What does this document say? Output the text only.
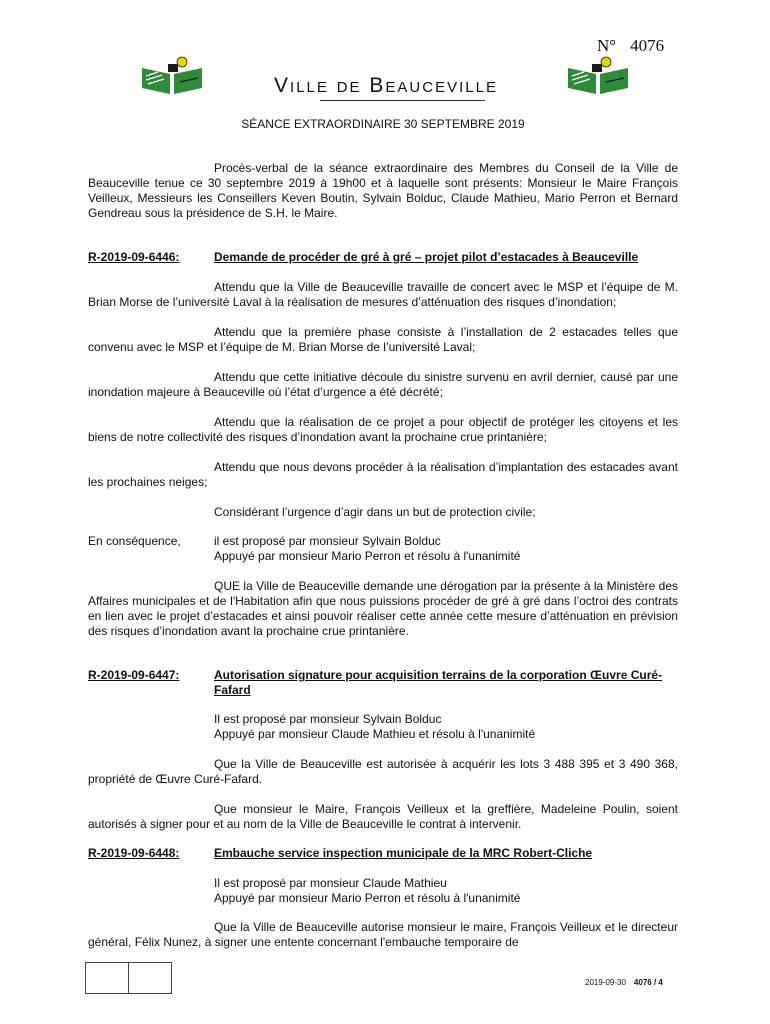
N° 4076
Ville de Beauceville
SÉANCE EXTRAORDINAIRE 30 SEPTEMBRE 2019
Procès-verbal de la séance extraordinaire des Membres du Conseil de la Ville de Beauceville tenue ce 30 septembre 2019 à 19h00 et à laquelle sont présents: Monsieur le Maire François Veilleux, Messieurs les Conseillers Keven Boutin, Sylvain Bolduc, Claude Mathieu, Mario Perron et Bernard Gendreau sous la présidence de S.H. le Maire.
R-2019-09-6446:	Demande de procéder de gré à gré – projet pilot d’estacades à Beauceville
Attendu que la Ville de Beauceville travaille de concert avec le MSP et l’équipe de M. Brian Morse de l’université Laval à la réalisation de mesures d’atténuation des risques d’inondation;
Attendu que la première phase consiste à l’installation de 2 estacades telles que convenu avec le MSP et l’équipe de M. Brian Morse de l’université Laval;
Attendu que cette initiative découle du sinistre survenu en avril dernier, causé par une inondation majeure à Beauceville où l’état d’urgence a été décrété;
Attendu que la réalisation de ce projet a pour objectif de protéger les citoyens et les biens de notre collectivité des risques d’inondation avant la prochaine crue printanière;
Attendu que nous devons procéder à la réalisation d’implantation des estacades avant les prochaines neiges;
Considérant l’urgence d’agir dans un but de protection civile;
En conséquence,	il est proposé par monsieur Sylvain Bolduc
Appuyé par monsieur Mario Perron et résolu à l'unanimité
QUE la Ville de Beauceville demande une dérogation par la présente à la Ministère des Affaires municipales et de l'Habitation afin que nous puissions procéder de gré à gré dans l’octroi des contrats en lien avec le projet d’estacades et ainsi pouvoir réaliser cette année cette mesure d’atténuation en prévision des risques d’inondation avant la prochaine crue printanière.
R-2019-09-6447:	Autorisation signature pour acquisition terrains de la corporation Œuvre Curé-Fafard
Il est proposé par monsieur Sylvain Bolduc
Appuyé par monsieur Claude Mathieu et résolu à l'unanimité
Que la Ville de Beauceville est autorisée à acquérir les lots 3 488 395 et 3 490 368, propriété de Œuvre Curé-Fafard.
Que monsieur le Maire, François Veilleux et la greffière, Madeleine Poulin, soient autorisés à signer pour et au nom de la Ville de Beauceville le contrat à intervenir.
R-2019-09-6448:	Embauche service inspection municipale de la MRC Robert-Cliche
Il est proposé par monsieur Claude Mathieu
Appuyé par monsieur Mario Perron et résolu à l'unanimité
Que la Ville de Beauceville autorise monsieur le maire, François Veilleux et le directeur général, Félix Nunez, à signer une entente concernant l'embauche temporaire de
2019-09-30 4076 / 4
